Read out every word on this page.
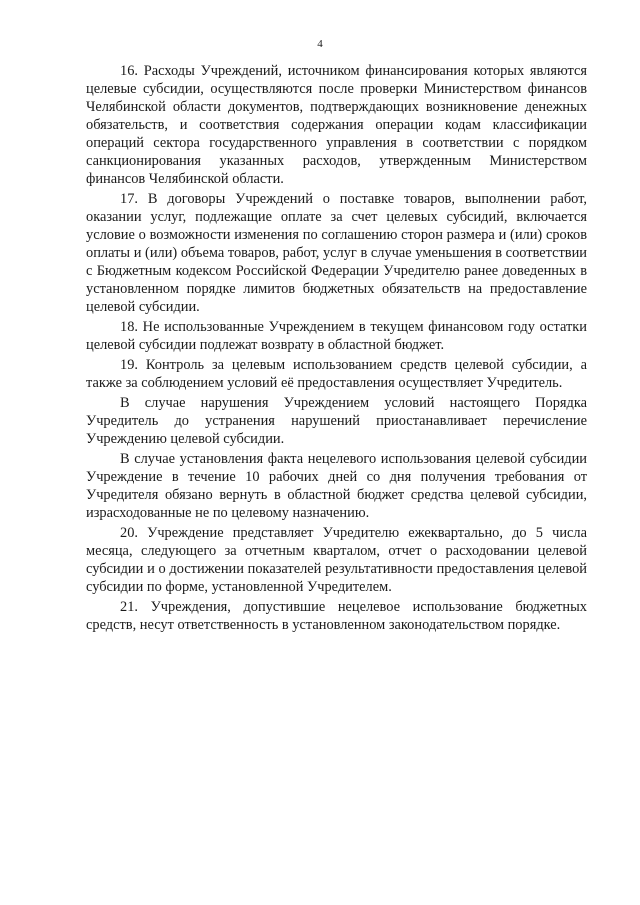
4

16. Расходы Учреждений, источником финансирования которых являются целевые субсидии, осуществляются после проверки Министерством финансов Челябинской области документов, подтверждающих возникновение денежных обязательств, и соответствия содержания операции кодам классификации операций сектора государственного управления в соответствии с порядком санкционирования указанных расходов, утвержденным Министерством финансов Челябинской области.

17. В договоры Учреждений о поставке товаров, выполнении работ, оказании услуг, подлежащие оплате за счет целевых субсидий, включается условие о возможности изменения по соглашению сторон размера и (или) сроков оплаты и (или) объема товаров, работ, услуг в случае уменьшения в соответствии с Бюджетным кодексом Российской Федерации Учредителю ранее доведенных в установленном порядке лимитов бюджетных обязательств на предоставление целевой субсидии.

18. Не использованные Учреждением в текущем финансовом году остатки целевой субсидии подлежат возврату в областной бюджет.

19. Контроль за целевым использованием средств целевой субсидии, а также за соблюдением условий её предоставления осуществляет Учредитель.

В случае нарушения Учреждением условий настоящего Порядка Учредитель до устранения нарушений приостанавливает перечисление Учреждению целевой субсидии.

В случае установления факта нецелевого использования целевой субсидии Учреждение в течение 10 рабочих дней со дня получения требования от Учредителя обязано вернуть в областной бюджет средства целевой субсидии, израсходованные не по целевому назначению.

20. Учреждение представляет Учредителю ежеквартально, до 5 числа месяца, следующего за отчетным кварталом, отчет о расходовании целевой субсидии и о достижении показателей результативности предоставления целевой субсидии по форме, установленной Учредителем.

21. Учреждения, допустившие нецелевое использование бюджетных средств, несут ответственность в установленном законодательством порядке.
